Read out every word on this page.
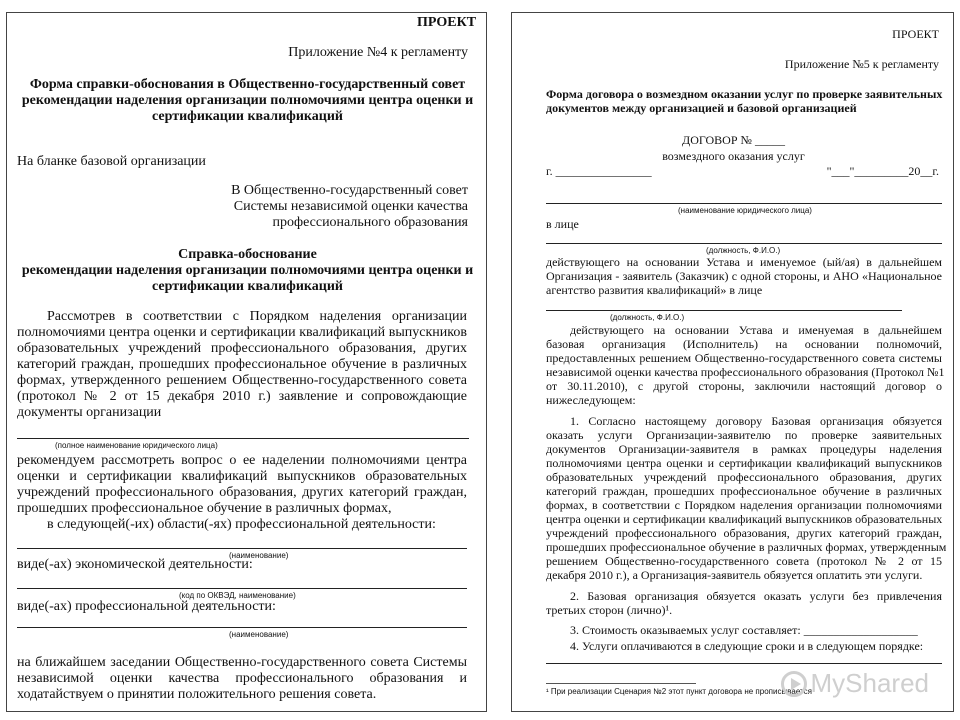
ПРОЕКТ
Приложение №4 к регламенту
Форма справки-обоснования в Общественно-государственный совет
рекомендации наделения организации полномочиями центра оценки и
сертификации квалификаций
На бланке базовой организации
В Общественно-государственный совет
Системы независимой оценки качества
профессионального образования
Справка-обоснование
рекомендации наделения организации полномочиями центра оценки и
сертификации квалификаций
Рассмотрев в соответствии с Порядком наделения организации
полномочиями центра оценки и сертификации квалификаций выпускников
образовательных учреждений профессионального образования, других
категорий граждан, прошедших профессиональное обучение в различных
формах, утвержденного решением Общественно-государственного совета
(протокол № 2 от 15 декабря 2010 г.) заявление и сопровождающие
документы организации
(полное наименование юридического лица)
рекомендуем рассмотреть вопрос о ее наделении полномочиями центра
оценки и сертификации квалификаций выпускников образовательных
учреждений профессионального образования, других категорий граждан,
прошедших профессиональное обучение в различных формах,
в следующей(-их) области(-ях) профессиональной деятельности:
(наименование)
виде(-ах) экономической деятельности:
(код по ОКВЭД, наименование)
виде(-ах) профессиональной деятельности:
(наименование)
на ближайшем заседании Общественно-государственного совета Системы
независимой оценки качества профессионального образования и
ходатайствуем о принятии положительного решения совета.
ПРОЕКТ
Приложение №5 к регламенту
Форма договора о возмездном оказании услуг по проверке заявительных
документов между организацией и базовой организацией
ДОГОВОР № _____
возмездного оказания услуг
г. ________________	"___"_________20__г.
(наименование юридического лица)
в лице
(должность, Ф.И.О.)
действующего на основании Устава и именуемое (ый/ая) в дальнейшем
Организация - заявитель (Заказчик) с одной стороны, и АНО «Национальное
агентство развития квалификаций» в лице
(должность, Ф.И.О.)
действующего на основании Устава и именуемая в дальнейшем
базовая организация (Исполнитель) на основании полномочий,
предоставленных решением Общественно-государственного совета системы
независимой оценки качества профессионального образования (Протокол №1
от 30.11.2010), с другой стороны, заключили настоящий договор о
нижеследующем:
1. Согласно настоящему договору Базовая организация обязуется
оказать услуги Организации-заявителю по проверке заявительных
документов Организации-заявителя в рамках процедуры наделения
полномочиями центра оценки и сертификации квалификаций выпускников
образовательных учреждений профессионального образования, других
категорий граждан, прошедших профессиональное обучение в различных
формах, в соответствии с Порядком наделения организации полномочиями
центра оценки и сертификации квалификаций выпускников образовательных
учреждений профессионального образования, других категорий граждан,
прошедших профессиональное обучение в различных формах, утвержденным
решением Общественно-государственного совета (протокол № 2 от 15
декабря 2010 г.), а Организация-заявитель обязуется оплатить эти услуги.
2. Базовая организация обязуется оказать услуги без привлечения
третьих сторон (лично)¹.
3. Стоимость оказываемых услуг составляет: ___________________
4. Услуги оплачиваются в следующие сроки и в следующем порядке:
¹ При реализации Сценария №2 этот пункт договора не прописывается
MyShared
